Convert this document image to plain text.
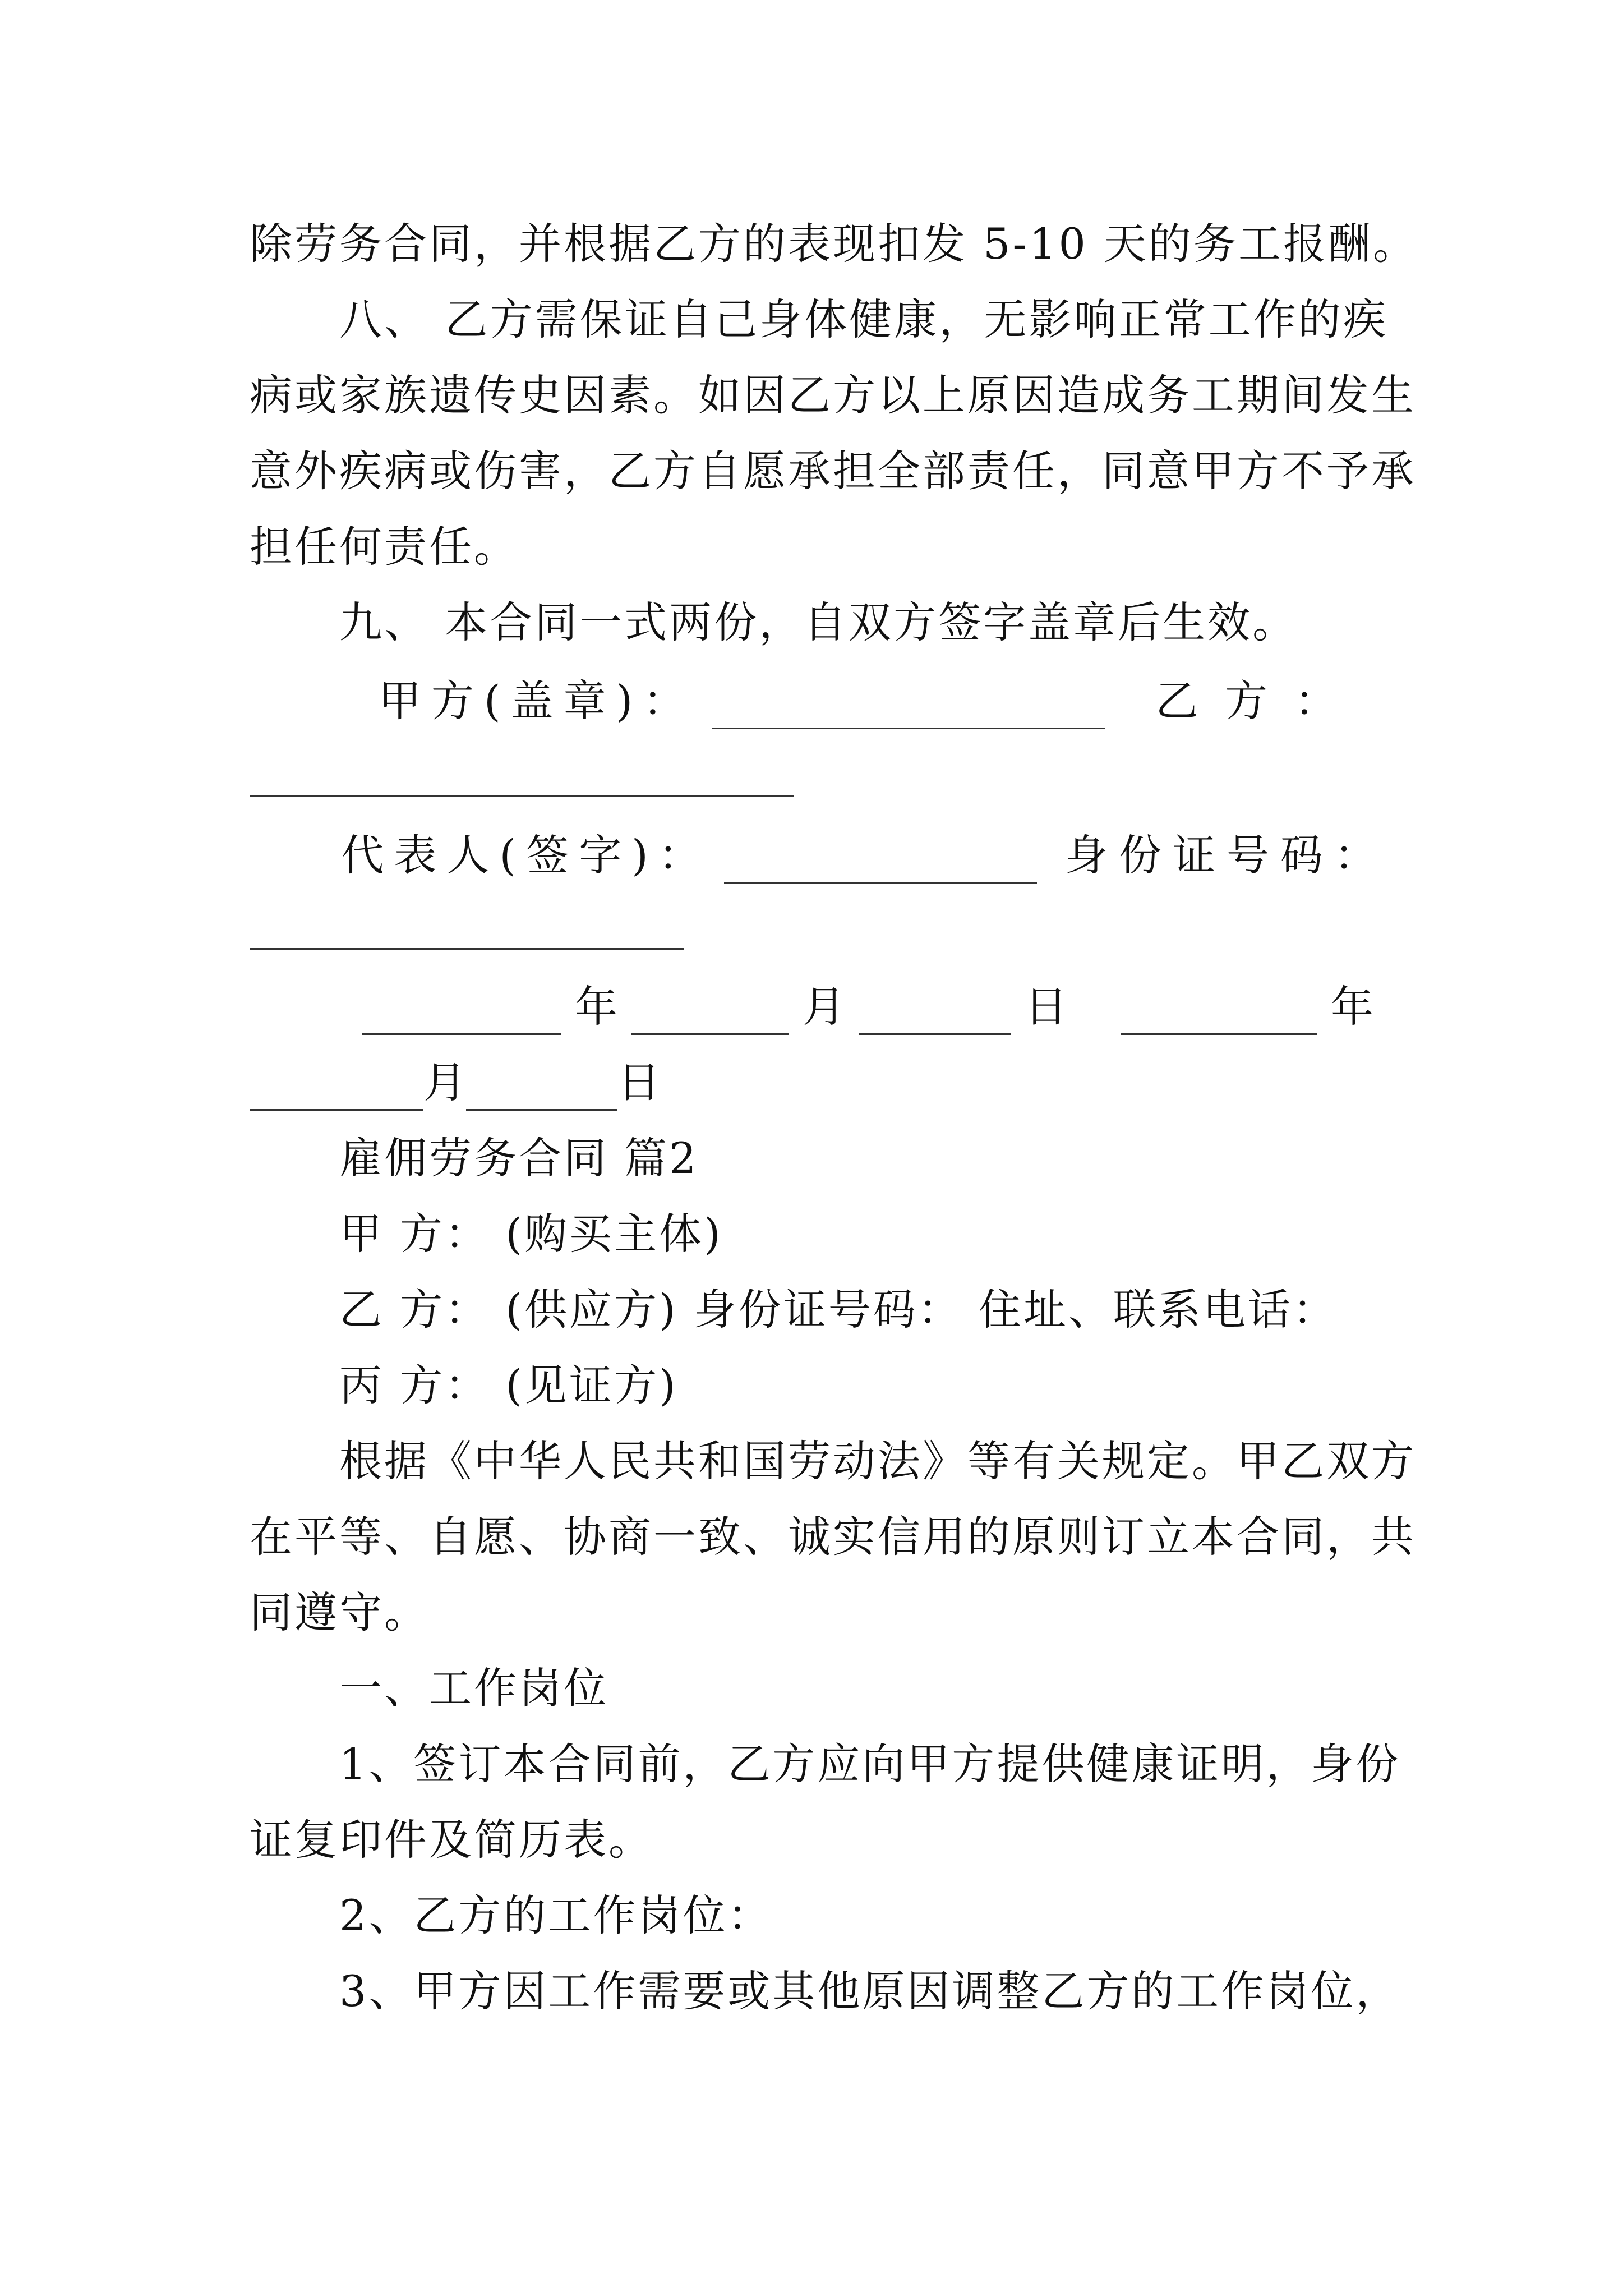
除劳务合同，并根据乙方的表现扣发 5-10 天的务工报酬。
八、 乙方需保证自己身体健康，无影响正常工作的疾
病或家族遗传史因素。如因乙方以上原因造成务工期间发生
意外疾病或伤害，乙方自愿承担全部责任，同意甲方不予承
担任何责任。
九、 本合同一式两份，自双方签字盖章后生效。
甲方(盖章)：	乙方：
代表人(签字)：	身份证号码：
年	月	日	年
月	日
雇佣劳务合同 篇2
甲 方： (购买主体)
乙 方： (供应方) 身份证号码： 住址、联系电话：
丙 方： (见证方)
根据《中华人民共和国劳动法》等有关规定。甲乙双方
在平等、自愿、协商一致、诚实信用的原则订立本合同，共
同遵守。
一、工作岗位
1、签订本合同前，乙方应向甲方提供健康证明，身份
证复印件及简历表。
2、乙方的工作岗位：
3、甲方因工作需要或其他原因调整乙方的工作岗位，
